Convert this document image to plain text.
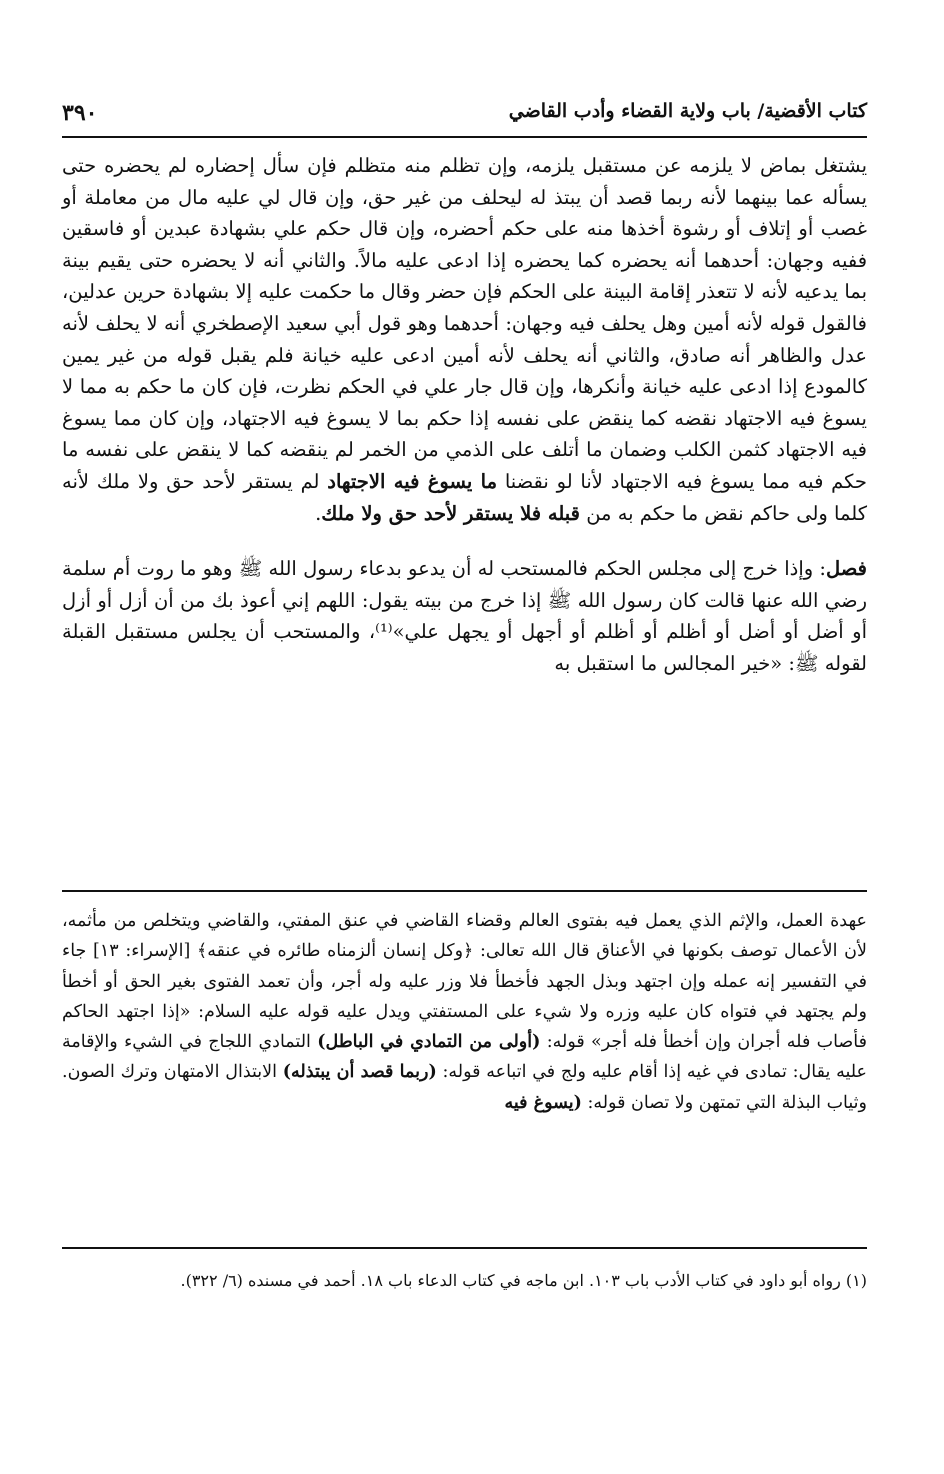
كتاب الأقضية/ باب ولاية القضاء وأدب القاضي
٣٩٠

يشتغل بماض لا يلزمه عن مستقبل يلزمه، وإن تظلم منه متظلم فإن سأل إحضاره لم يحضره حتى يسأله عما بينهما لأنه ربما قصد أن يبتذ له ليحلف من غير حق، وإن قال لي عليه مال من معاملة أو غصب أو إتلاف أو رشوة أخذها منه على حكم أحضره، وإن قال حكم علي بشهادة عبدين أو فاسقين ففيه وجهان: أحدهما أنه يحضره كما يحضره إذا ادعى عليه مالاً. والثاني أنه لا يحضره حتى يقيم بينة بما يدعيه لأنه لا تتعذر إقامة البينة على الحكم فإن حضر وقال ما حكمت عليه إلا بشهادة حرين عدلين، فالقول قوله لأنه أمين وهل يحلف فيه وجهان: أحدهما وهو قول أبي سعيد الإصطخري أنه لا يحلف لأنه عدل والظاهر أنه صادق، والثاني أنه يحلف لأنه أمين ادعى عليه خيانة فلم يقبل قوله من غير يمين كالمودع إذا ادعى عليه خيانة وأنكرها، وإن قال جار علي في الحكم نظرت، فإن كان ما حكم به مما لا يسوغ فيه الاجتهاد نقضه كما ينقض على نفسه إذا حكم بما لا يسوغ فيه الاجتهاد، وإن كان مما يسوغ فيه الاجتهاد كثمن الكلب وضمان ما أتلف على الذمي من الخمر لم ينقضه كما لا ينقض على نفسه ما حكم فيه مما يسوغ فيه الاجتهاد لأنا لو نقضنا ما يسوغ فيه الاجتهاد لم يستقر لأحد حق ولا ملك لأنه كلما ولى حاكم نقض ما حكم به من قبله فلا يستقر لأحد حق ولا ملك.

فصل: وإذا خرج إلى مجلس الحكم فالمستحب له أن يدعو بدعاء رسول الله ﷺ وهو ما روت أم سلمة رضي الله عنها قالت كان رسول الله ﷺ إذا خرج من بيته يقول: اللهم إني أعوذ بك من أن أزل أو أزل أو أضل أو أضل أو أظلم أو أظلم أو أجهل أو يجهل علي»⁽¹⁾، والمستحب أن يجلس مستقبل القبلة لقوله ﷺ: «خير المجالس ما استقبل به

عهدة العمل، والإثم الذي يعمل فيه بفتوى العالم وقضاء القاضي في عنق المفتي، والقاضي ويتخلص من مأثمه، لأن الأعمال توصف بكونها في الأعناق قال الله تعالى: ﴿وكل إنسان ألزمناه طائره في عنقه﴾ [الإسراء: ١٣] جاء في التفسير إنه عمله وإن اجتهد وبذل الجهد فأخطأ فلا وزر عليه وله أجر، وأن تعمد الفتوى بغير الحق أو أخطأ ولم يجتهد في فتواه كان عليه وزره ولا شيء على المستفتي ويدل عليه قوله عليه السلام: «إذا اجتهد الحاكم فأصاب فله أجران وإن أخطأ فله أجر» قوله: (أولى من التمادي في الباطل) التمادي اللجاج في الشيء والإقامة عليه يقال: تمادى في غيه إذا أقام عليه ولج في اتباعه قوله: (ربما قصد أن يبتذله) الابتذال الامتهان وترك الصون. وثياب البذلة التي تمتهن ولا تصان قوله: (يسوغ فيه

(١) رواه أبو داود في كتاب الأدب باب ١٠٣. ابن ماجه في كتاب الدعاء باب ١٨. أحمد في مسنده (٦/ ٣٢٢).
